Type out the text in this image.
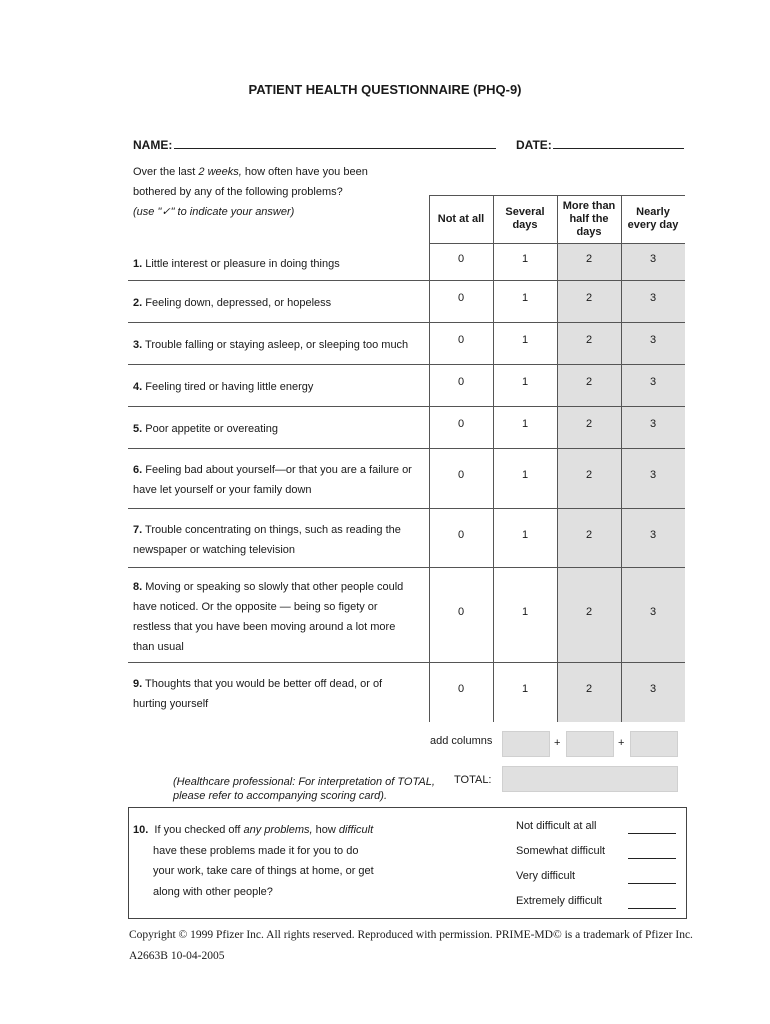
PATIENT HEALTH QUESTIONNAIRE (PHQ-9)
NAME:	DATE:
Over the last 2 weeks, how often have you been
bothered by any of the following problems?
(use "✓" to indicate your answer)
Not at all
Several days
More than half the days
Nearly every day
1. Little interest or pleasure in doing things	0	1	2	3
2. Feeling down, depressed, or hopeless	0	1	2	3
3. Trouble falling or staying asleep, or sleeping too much	0	1	2	3
4. Feeling tired or having little energy	0	1	2	3
5. Poor appetite or overeating	0	1	2	3
6. Feeling bad about yourself—or that you are a failure or
have let yourself or your family down
0	1	2	3
7. Trouble concentrating on things, such as reading the
newspaper or watching television
0	1	2	3
8. Moving or speaking so slowly that other people could
have noticed. Or the opposite — being so figety or
restless that you have been moving around a lot more
than usual
0	1	2	3
9. Thoughts that you would be better off dead, or of
hurting yourself
0	1	2	3
add columns	+	+
(Healthcare professional: For interpretation of TOTAL,
please refer to accompanying scoring card).
TOTAL:
10. If you checked off any problems, how difficult
have these problems made it for you to do
your work, take care of things at home, or get
along with other people?
Not difficult at all
Somewhat difficult
Very difficult
Extremely difficult
Copyright © 1999 Pfizer Inc. All rights reserved. Reproduced with permission. PRIME-MD© is a trademark of Pfizer Inc.
A2663B 10-04-2005
